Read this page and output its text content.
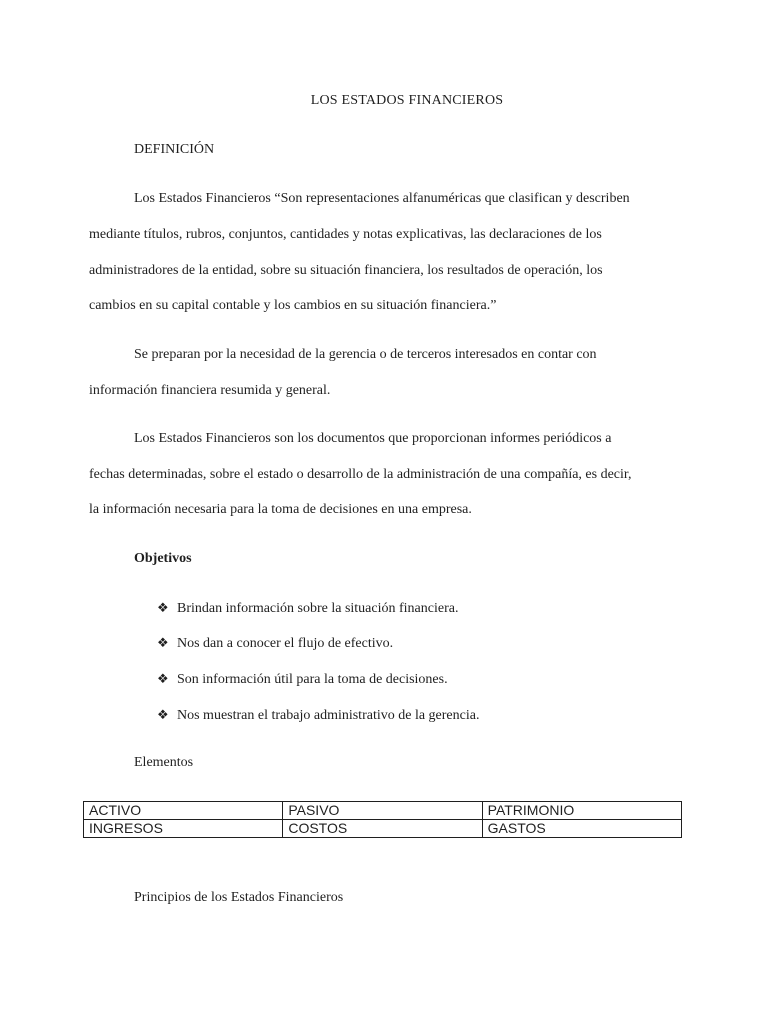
LOS ESTADOS FINANCIEROS
DEFINICIÓN
Los Estados Financieros “Son representaciones alfanuméricas que clasifican y describen
mediante títulos, rubros, conjuntos, cantidades y notas explicativas, las declaraciones de los
administradores de la entidad, sobre su situación financiera, los resultados de operación, los
cambios en su capital contable y los cambios en su situación financiera.”
Se preparan por la necesidad de la gerencia o de terceros interesados en contar con
información financiera resumida y general.
Los Estados Financieros son los documentos que proporcionan informes periódicos a
fechas determinadas, sobre el estado o desarrollo de la administración de una compañía, es decir,
la información necesaria para la toma de decisiones en una empresa.
Objetivos
❖ Brindan información sobre la situación financiera.
❖ Nos dan a conocer el flujo de efectivo.
❖ Son información útil para la toma de decisiones.
❖ Nos muestran el trabajo administrativo de la gerencia.
Elementos
ACTIVO	PASIVO	PATRIMONIO
INGRESOS	COSTOS	GASTOS
Principios de los Estados Financieros
